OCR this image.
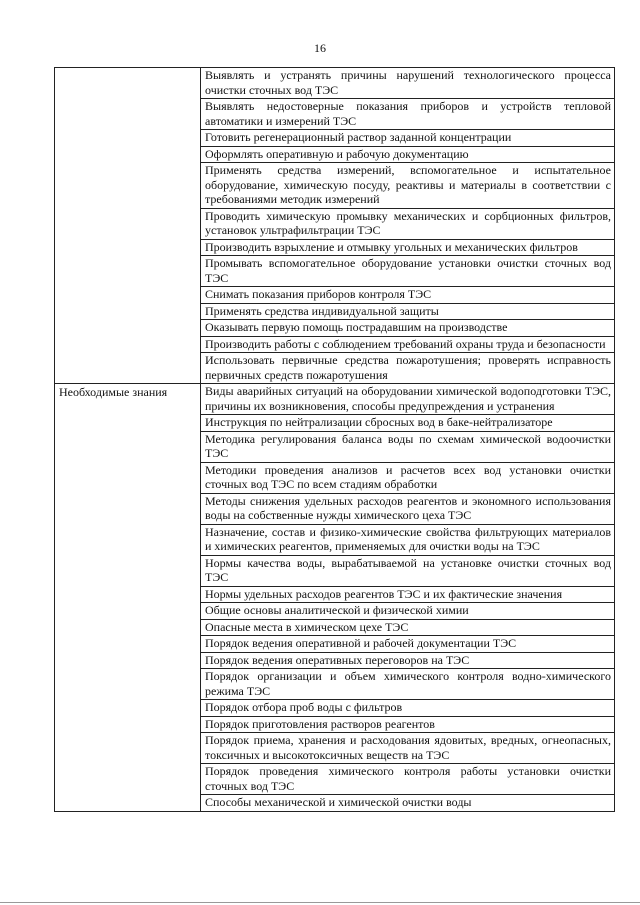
16
	Выявлять и устранять причины нарушений технологического процесса очистки сточных вод ТЭС
	Выявлять недостоверные показания приборов и устройств тепловой автоматики и измерений ТЭС
	Готовить регенерационный раствор заданной концентрации
	Оформлять оперативную и рабочую документацию
	Применять средства измерений, вспомогательное и испытательное оборудование, химическую посуду, реактивы и материалы в соответствии с требованиями методик измерений
	Проводить химическую промывку механических и сорбционных фильтров, установок ультрафильтрации ТЭС
	Производить взрыхление и отмывку угольных и механических фильтров
	Промывать вспомогательное оборудование установки очистки сточных вод ТЭС
	Снимать показания приборов контроля ТЭС
	Применять средства индивидуальной защиты
	Оказывать первую помощь пострадавшим на производстве
	Производить работы с соблюдением требований охраны труда и безопасности
	Использовать первичные средства пожаротушения; проверять исправность первичных средств пожаротушения
Необходимые знания	Виды аварийных ситуаций на оборудовании химической водоподготовки ТЭС, причины их возникновения, способы предупреждения и устранения
	Инструкция по нейтрализации сбросных вод в баке-нейтрализаторе
	Методика регулирования баланса воды по схемам химической водоочистки ТЭС
	Методики проведения анализов и расчетов всех вод установки очистки сточных вод ТЭС по всем стадиям обработки
	Методы снижения удельных расходов реагентов и экономного использования воды на собственные нужды химического цеха ТЭС
	Назначение, состав и физико-химические свойства фильтрующих материалов и химических реагентов, применяемых для очистки воды на ТЭС
	Нормы качества воды, вырабатываемой на установке очистки сточных вод ТЭС
	Нормы удельных расходов реагентов ТЭС и их фактические значения
	Общие основы аналитической и физической химии
	Опасные места в химическом цехе ТЭС
	Порядок ведения оперативной и рабочей документации ТЭС
	Порядок ведения оперативных переговоров на ТЭС
	Порядок организации и объем химического контроля водно-химического режима ТЭС
	Порядок отбора проб воды с фильтров
	Порядок приготовления растворов реагентов
	Порядок приема, хранения и расходования ядовитых, вредных, огнеопасных, токсичных и высокотоксичных веществ на ТЭС
	Порядок проведения химического контроля работы установки очистки сточных вод ТЭС
	Способы механической и химической очистки воды
